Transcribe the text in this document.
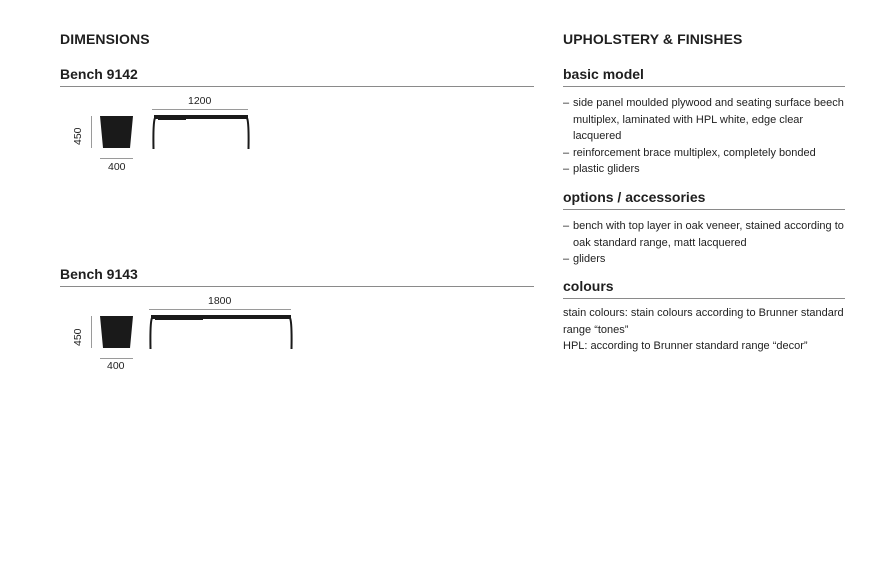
DIMENSIONS
Bench 9142
450
400
1200
Bench 9143
450
400
1800
UPHOLSTERY & FINISHES
basic model
– side panel moulded plywood and seating surface beech multiplex, laminated with HPL white, edge clear lacquered
– reinforcement brace multiplex, completely bonded
– plastic gliders
options / accessories
– bench with top layer in oak veneer, stained according to oak standard range, matt lacquered
– gliders
colours
stain colours: stain colours according to Brunner standard range “tones”
HPL: according to Brunner standard range “decor”
